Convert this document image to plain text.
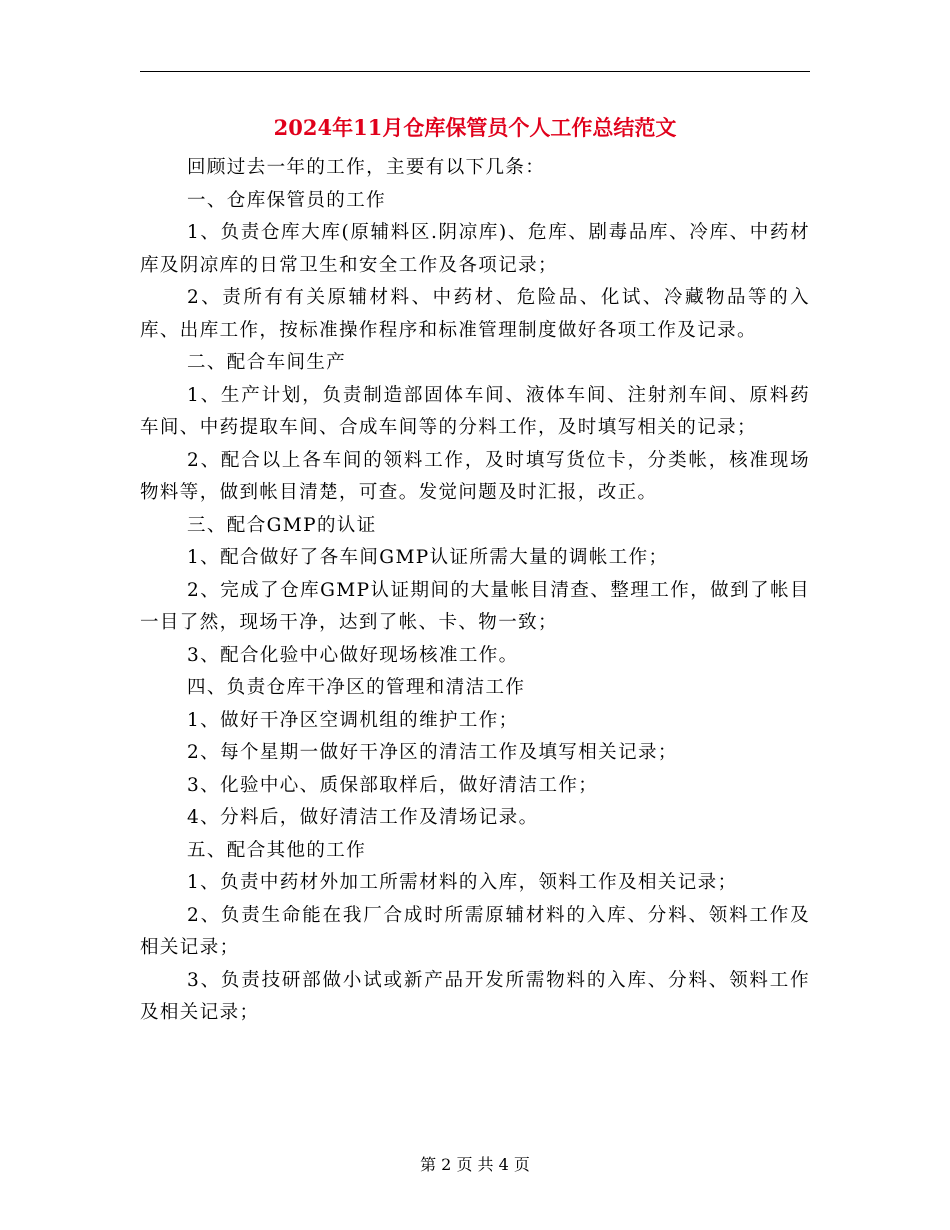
2024年11月仓库保管员个人工作总结范文

回顾过去一年的工作，主要有以下几条：

一、仓库保管员的工作

1、负责仓库大库(原辅料区.阴凉库)、危库、剧毒品库、冷库、中药材库及阴凉库的日常卫生和安全工作及各项记录；

2、责所有有关原辅材料、中药材、危险品、化试、冷藏物品等的入库、出库工作，按标准操作程序和标准管理制度做好各项工作及记录。

二、配合车间生产

1、生产计划，负责制造部固体车间、液体车间、注射剂车间、原料药车间、中药提取车间、合成车间等的分料工作，及时填写相关的记录；

2、配合以上各车间的领料工作，及时填写货位卡，分类帐，核准现场物料等，做到帐目清楚，可查。发觉问题及时汇报，改正。

三、配合GMP的认证

1、配合做好了各车间GMP认证所需大量的调帐工作；

2、完成了仓库GMP认证期间的大量帐目清查、整理工作，做到了帐目一目了然，现场干净，达到了帐、卡、物一致；

3、配合化验中心做好现场核准工作。

四、负责仓库干净区的管理和清洁工作

1、做好干净区空调机组的维护工作；

2、每个星期一做好干净区的清洁工作及填写相关记录；

3、化验中心、质保部取样后，做好清洁工作；

4、分料后，做好清洁工作及清场记录。

五、配合其他的工作

1、负责中药材外加工所需材料的入库，领料工作及相关记录；

2、负责生命能在我厂合成时所需原辅材料的入库、分料、领料工作及相关记录；

3、负责技研部做小试或新产品开发所需物料的入库、分料、领料工作及相关记录；

第 2 页 共 4 页
